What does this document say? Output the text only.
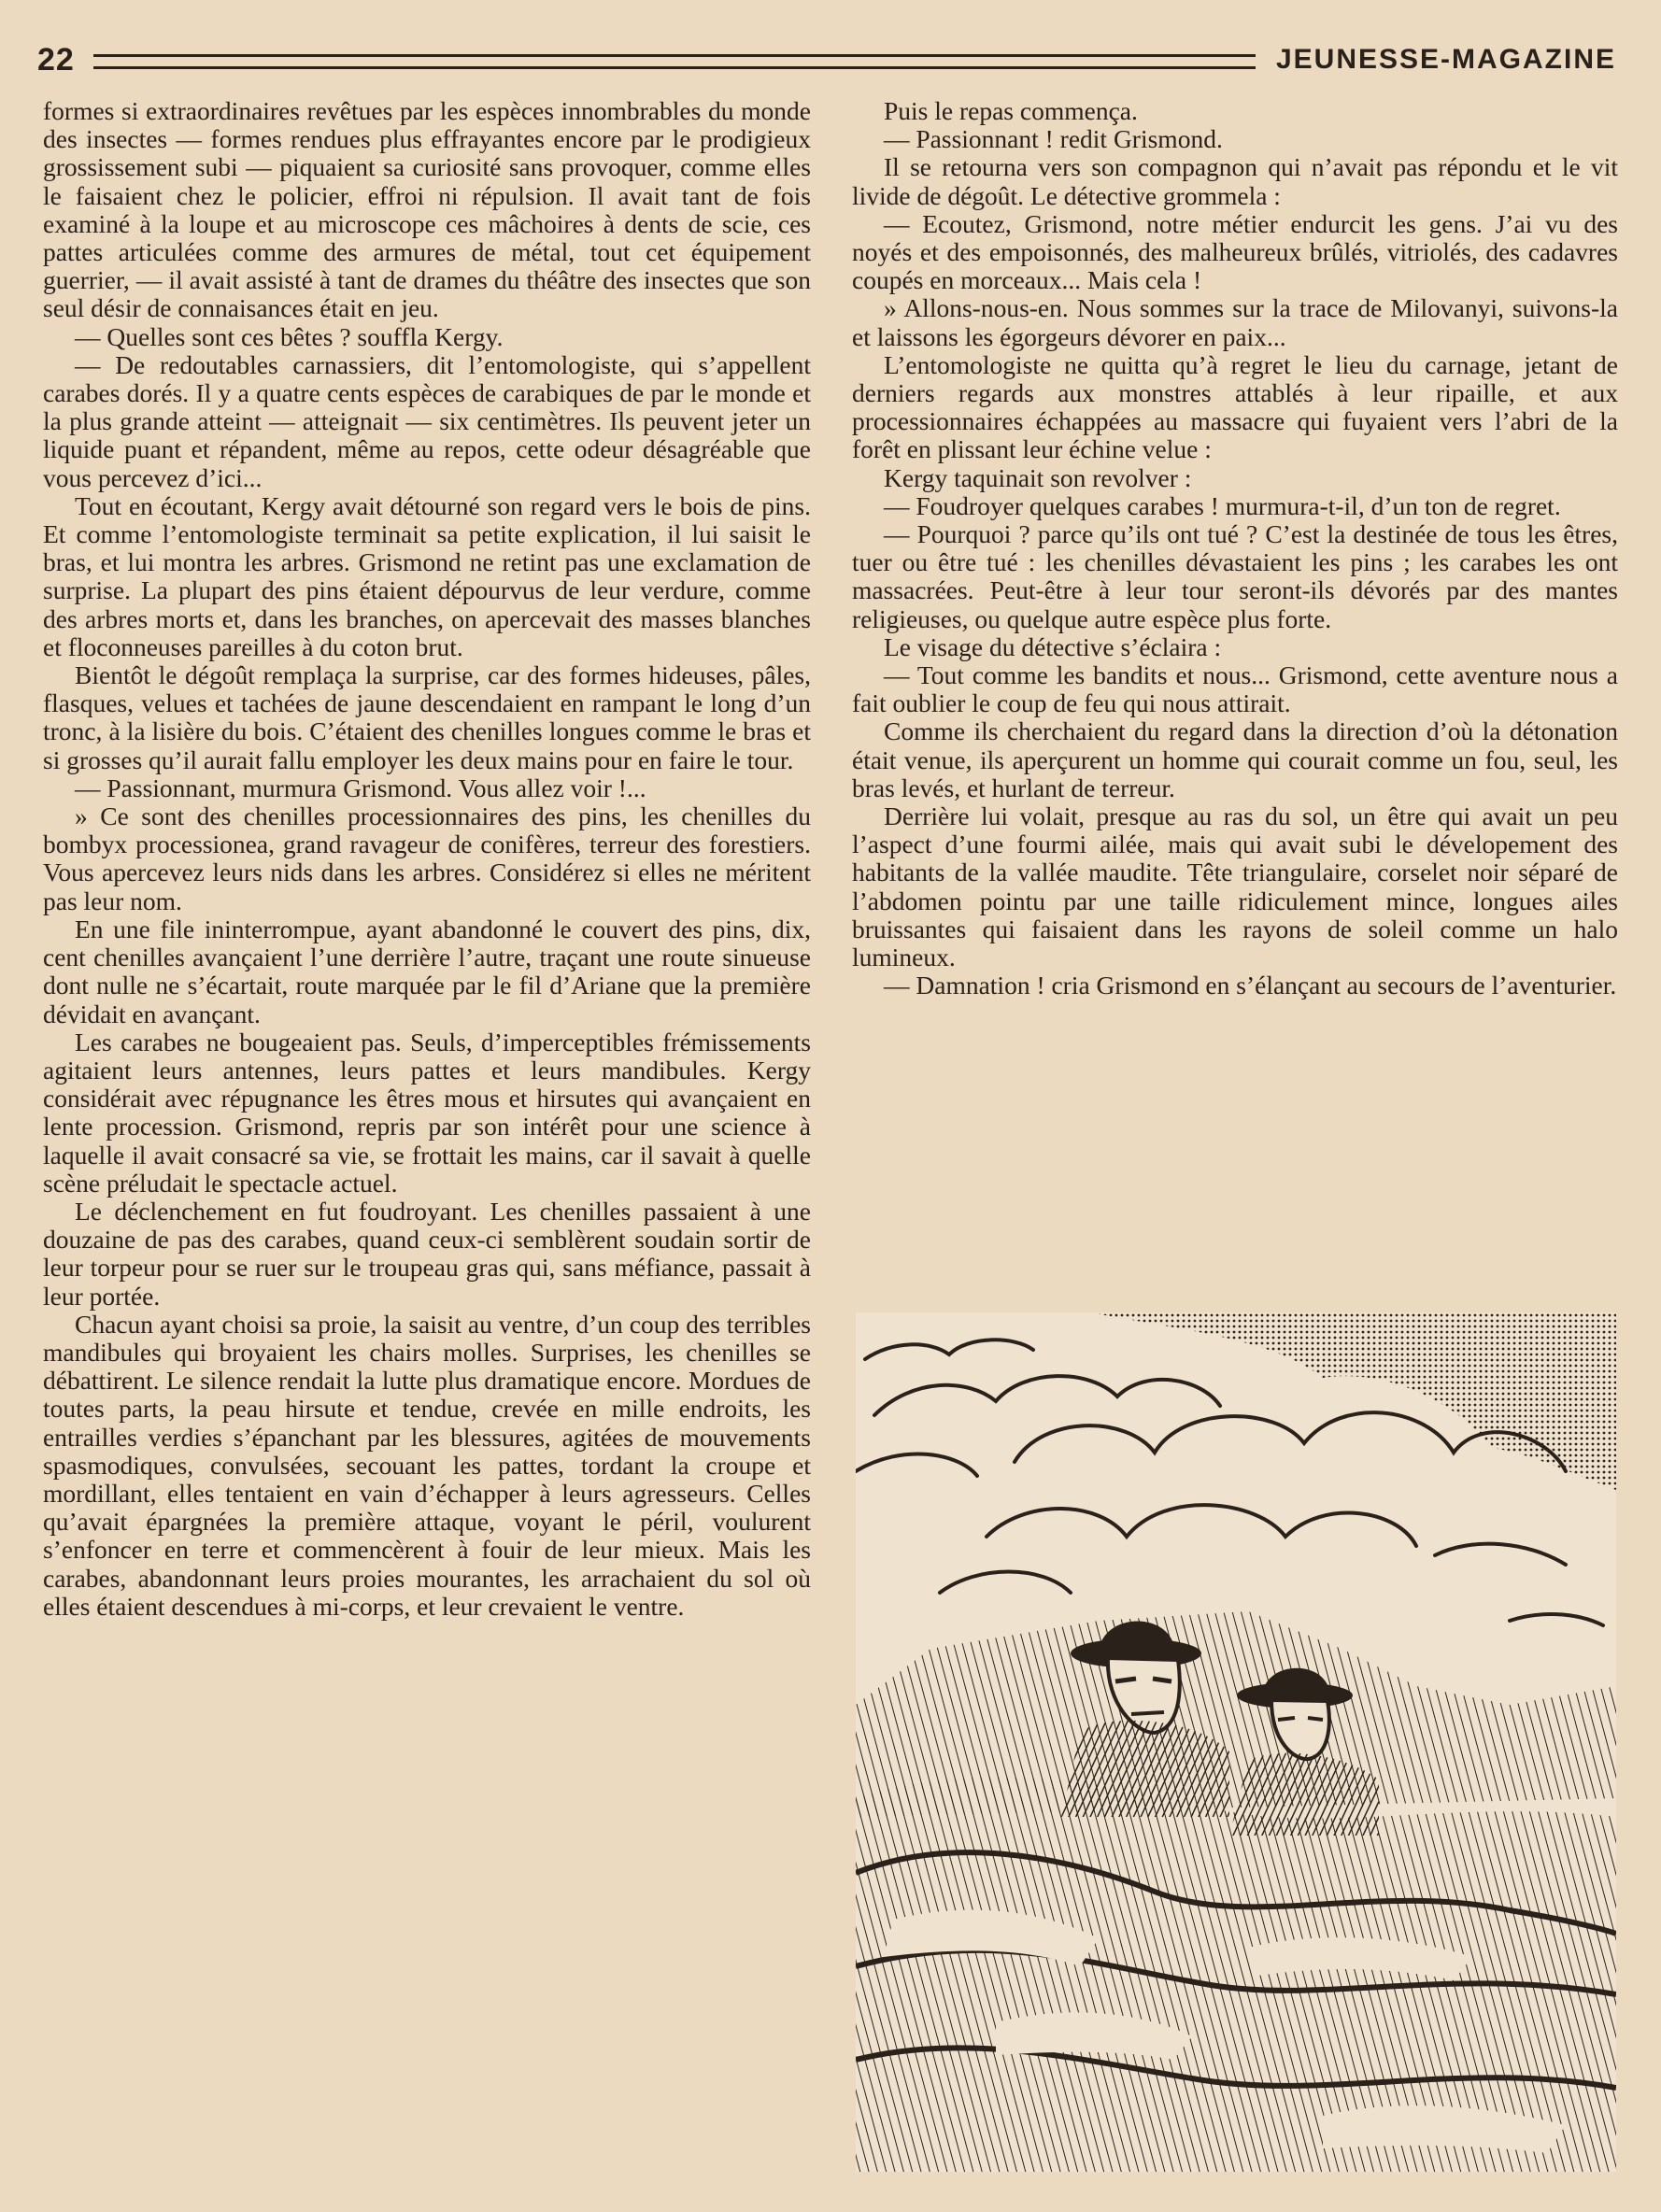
22	JEUNESSE-MAGAZINE

formes si extraordinaires revêtues par les espèces innombrables du monde des insectes — formes rendues plus effrayantes encore par le prodigieux grossissement subi — piquaient sa curiosité sans provoquer, comme elles le faisaient chez le policier, effroi ni répulsion. Il avait tant de fois examiné à la loupe et au microscope ces mâchoires à dents de scie, ces pattes articulées comme des armures de métal, tout cet équipement guerrier, — il avait assisté à tant de drames du théâtre des insectes que son seul désir de connaisances était en jeu.

— Quelles sont ces bêtes ? souffla Kergy.

— De redoutables carnassiers, dit l’entomologiste, qui s’appellent carabes dorés. Il y a quatre cents espèces de carabiques de par le monde et la plus grande atteint — atteignait — six centimètres. Ils peuvent jeter un liquide puant et répandent, même au repos, cette odeur désagréable que vous percevez d’ici...

Tout en écoutant, Kergy avait détourné son regard vers le bois de pins. Et comme l’entomologiste terminait sa petite explication, il lui saisit le bras, et lui montra les arbres. Grismond ne retint pas une exclamation de surprise. La plupart des pins étaient dépourvus de leur verdure, comme des arbres morts et, dans les branches, on apercevait des masses blanches et floconneuses pareilles à du coton brut.

Bientôt le dégoût remplaça la surprise, car des formes hideuses, pâles, flasques, velues et tachées de jaune descendaient en rampant le long d’un tronc, à la lisière du bois. C’étaient des chenilles longues comme le bras et si grosses qu’il aurait fallu employer les deux mains pour en faire le tour.

— Passionnant, murmura Grismond. Vous allez voir !...

» Ce sont des chenilles processionnaires des pins, les chenilles du bombyx processionea, grand ravageur de conifères, terreur des forestiers. Vous apercevez leurs nids dans les arbres. Considérez si elles ne méritent pas leur nom.

En une file ininterrompue, ayant abandonné le couvert des pins, dix, cent chenilles avançaient l’une derrière l’autre, traçant une route sinueuse dont nulle ne s’écartait, route marquée par le fil d’Ariane que la première dévidait en avançant.

Les carabes ne bougeaient pas. Seuls, d’imperceptibles frémissements agitaient leurs antennes, leurs pattes et leurs mandibules. Kergy considérait avec répugnance les êtres mous et hirsutes qui avançaient en lente procession. Grismond, repris par son intérêt pour une science à laquelle il avait consacré sa vie, se frottait les mains, car il savait à quelle scène préludait le spectacle actuel.

Le déclenchement en fut foudroyant. Les chenilles passaient à une douzaine de pas des carabes, quand ceux-ci semblèrent soudain sortir de leur torpeur pour se ruer sur le troupeau gras qui, sans méfiance, passait à leur portée.

Chacun ayant choisi sa proie, la saisit au ventre, d’un coup des terribles mandibules qui broyaient les chairs molles. Surprises, les chenilles se débattirent. Le silence rendait la lutte plus dramatique encore. Mordues de toutes parts, la peau hirsute et tendue, crevée en mille endroits, les entrailles verdies s’épanchant par les blessures, agitées de mouvements spasmodiques, convulsées, secouant les pattes, tordant la croupe et mordillant, elles tentaient en vain d’échapper à leurs agresseurs. Celles qu’avait épargnées la première attaque, voyant le péril, voulurent s’enfoncer en terre et commencèrent à fouir de leur mieux. Mais les carabes, abandonnant leurs proies mourantes, les arrachaient du sol où elles étaient descendues à mi-corps, et leur crevaient le ventre.

Puis le repas commença.

— Passionnant ! redit Grismond.

Il se retourna vers son compagnon qui n’avait pas répondu et le vit livide de dégoût. Le détective grommela :

— Ecoutez, Grismond, notre métier endurcit les gens. J’ai vu des noyés et des empoisonnés, des malheureux brûlés, vitriolés, des cadavres coupés en morceaux... Mais cela !

» Allons-nous-en. Nous sommes sur la trace de Milovanyi, suivons-la et laissons les égorgeurs dévorer en paix...

L’entomologiste ne quitta qu’à regret le lieu du carnage, jetant de derniers regards aux monstres attablés à leur ripaille, et aux processionnaires échappées au massacre qui fuyaient vers l’abri de la forêt en plissant leur échine velue :

Kergy taquinait son revolver :

— Foudroyer quelques carabes ! murmura-t-il, d’un ton de regret.

— Pourquoi ? parce qu’ils ont tué ? C’est la destinée de tous les êtres, tuer ou être tué : les chenilles dévastaient les pins ; les carabes les ont massacrées. Peut-être à leur tour seront-ils dévorés par des mantes religieuses, ou quelque autre espèce plus forte.

Le visage du détective s’éclaira :

— Tout comme les bandits et nous... Grismond, cette aventure nous a fait oublier le coup de feu qui nous attirait.

Comme ils cherchaient du regard dans la direction d’où la détonation était venue, ils aperçurent un homme qui courait comme un fou, seul, les bras levés, et hurlant de terreur.

Derrière lui volait, presque au ras du sol, un être qui avait un peu l’aspect d’une fourmi ailée, mais qui avait subi le dévelopement des habitants de la vallée maudite. Tête triangulaire, corselet noir séparé de l’abdomen pointu par une taille ridiculement mince, longues ailes bruissantes qui faisaient dans les rayons de soleil comme un halo lumineux.

— Damnation ! cria Grismond en s’élançant au secours de l’aventurier.
